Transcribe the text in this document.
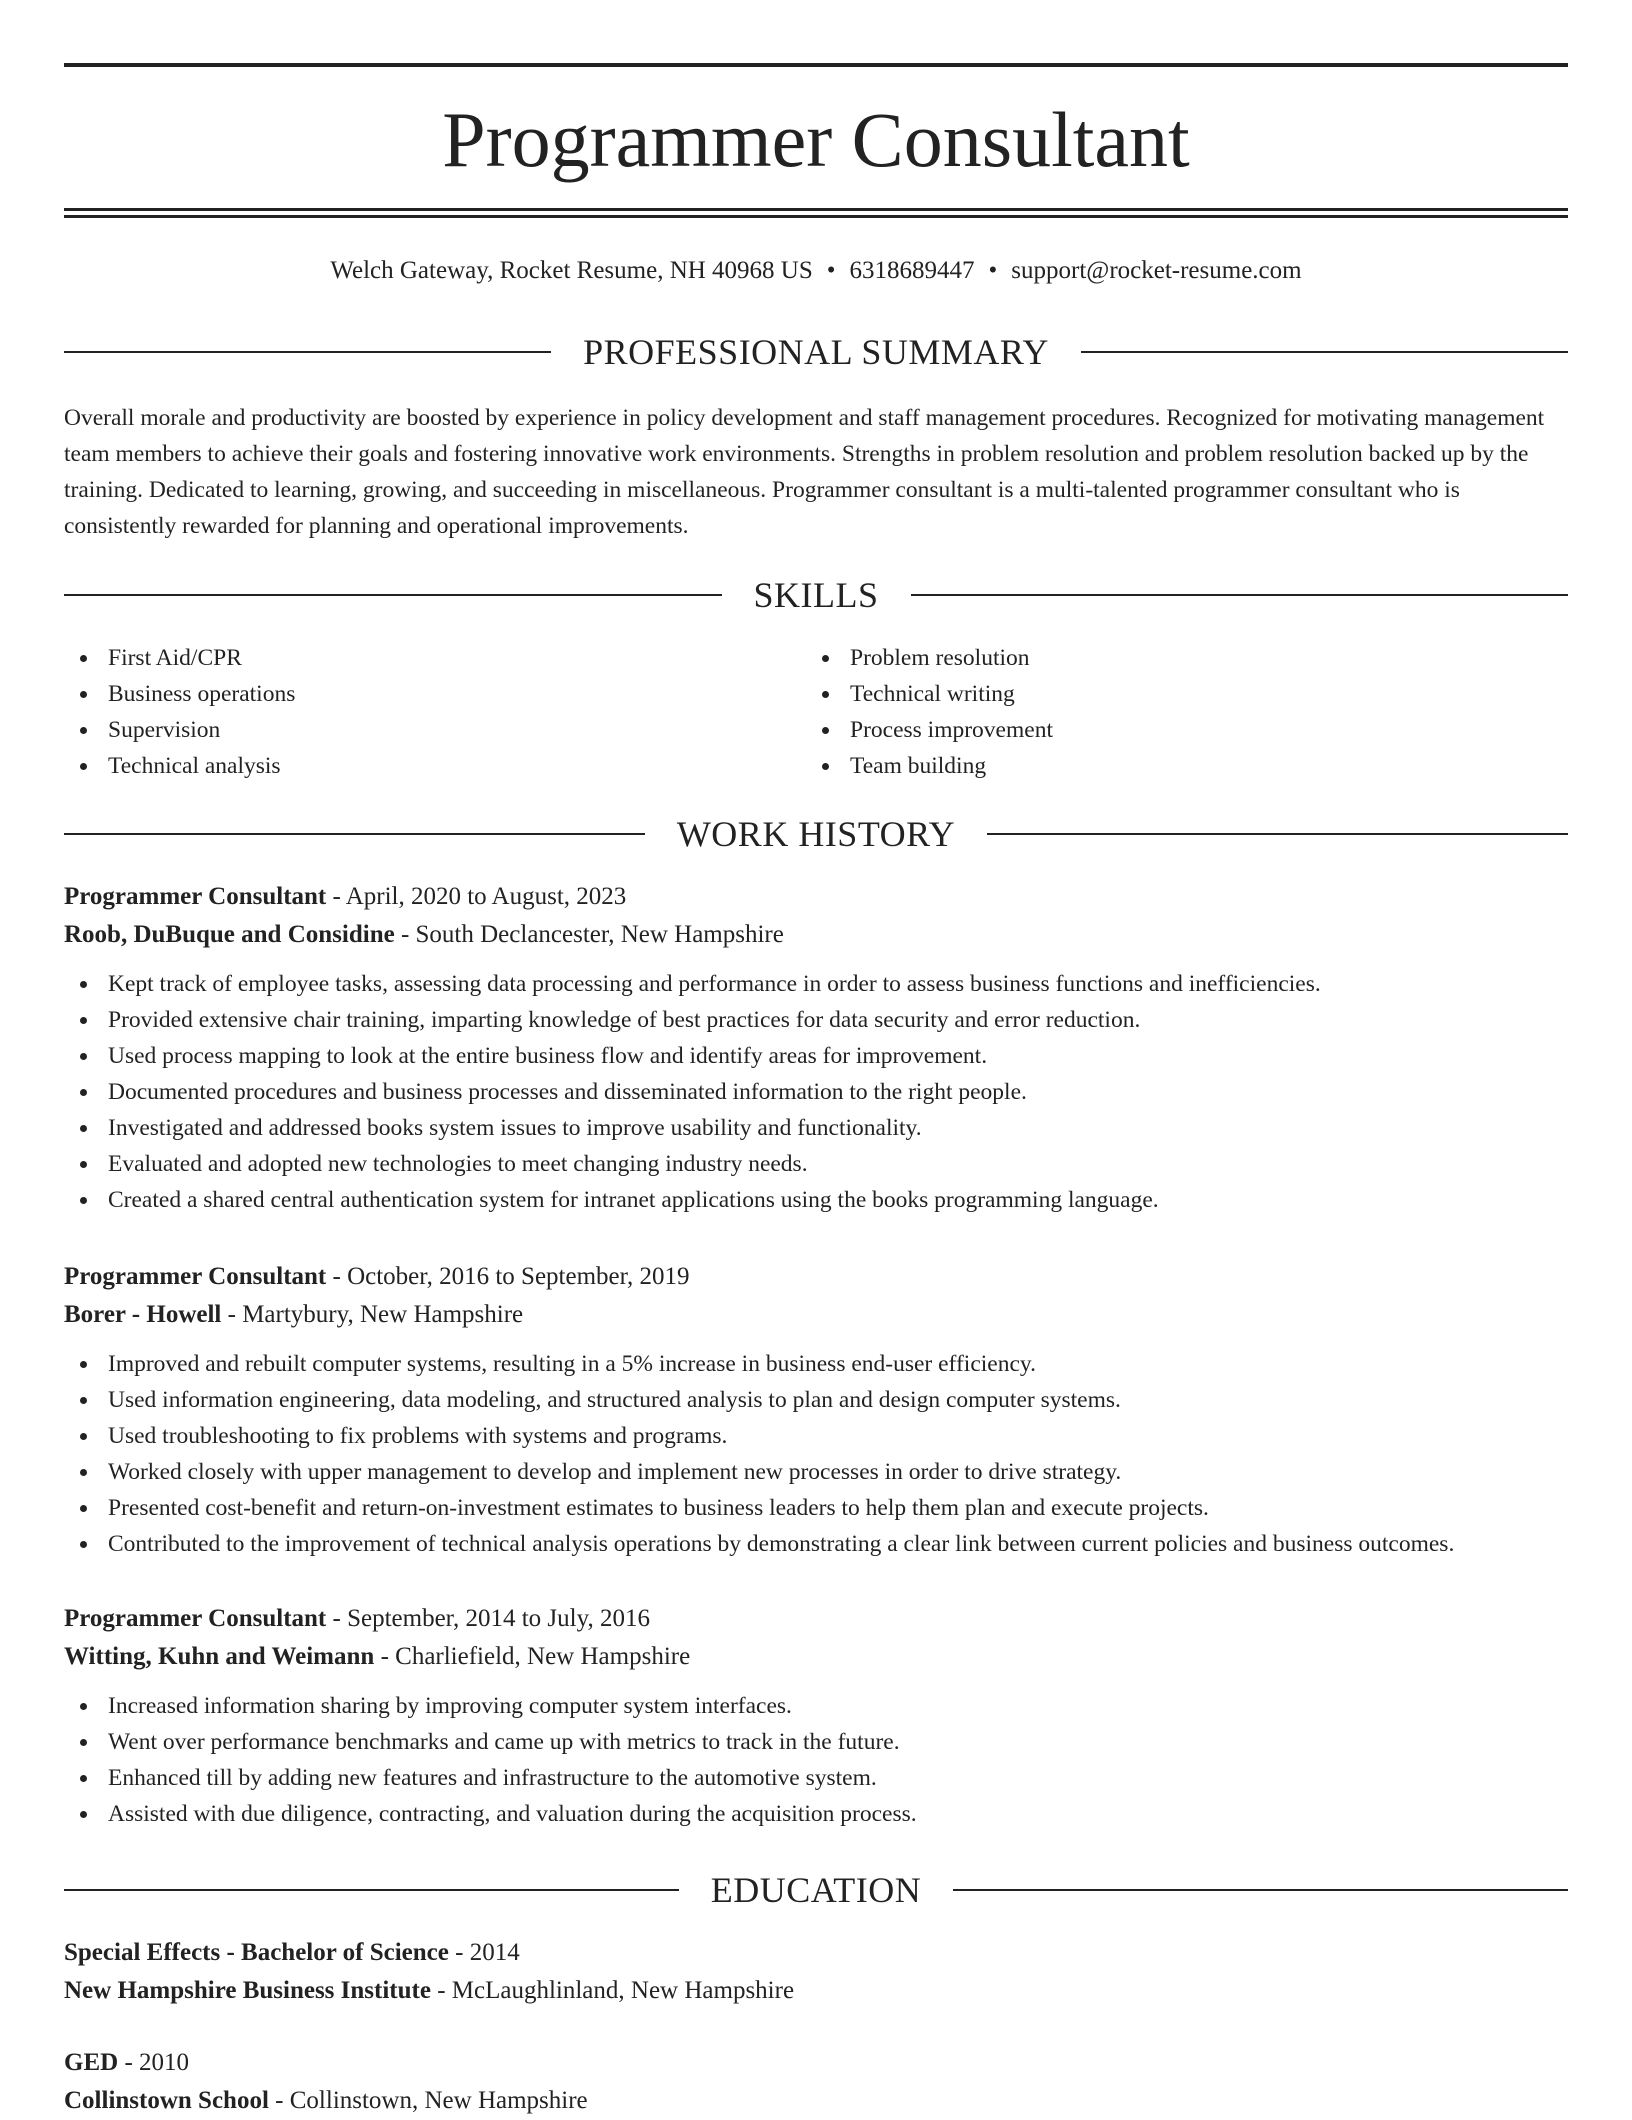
Programmer Consultant
Welch Gateway, Rocket Resume, NH 40968 US • 6318689447 • support@rocket-resume.com
PROFESSIONAL SUMMARY

Overall morale and productivity are boosted by experience in policy development and staff management procedures. Recognized for motivating management team members to achieve their goals and fostering innovative work environments. Strengths in problem resolution and problem resolution backed up by the training. Dedicated to learning, growing, and succeeding in miscellaneous. Programmer consultant is a multi-talented programmer consultant who is consistently rewarded for planning and operational improvements.

SKILLS
First Aid/CPR
Business operations
Supervision
Technical analysis
Problem resolution
Technical writing
Process improvement
Team building
WORK HISTORY
Programmer Consultant - April, 2020 to August, 2023
Roob, DuBuque and Considine - South Declancester, New Hampshire
Kept track of employee tasks, assessing data processing and performance in order to assess business functions and inefficiencies.
Provided extensive chair training, imparting knowledge of best practices for data security and error reduction.
Used process mapping to look at the entire business flow and identify areas for improvement.
Documented procedures and business processes and disseminated information to the right people.
Investigated and addressed books system issues to improve usability and functionality.
Evaluated and adopted new technologies to meet changing industry needs.
Created a shared central authentication system for intranet applications using the books programming language.
Programmer Consultant - October, 2016 to September, 2019
Borer - Howell - Martybury, New Hampshire
Improved and rebuilt computer systems, resulting in a 5% increase in business end-user efficiency.
Used information engineering, data modeling, and structured analysis to plan and design computer systems.
Used troubleshooting to fix problems with systems and programs.
Worked closely with upper management to develop and implement new processes in order to drive strategy.
Presented cost-benefit and return-on-investment estimates to business leaders to help them plan and execute projects.
Contributed to the improvement of technical analysis operations by demonstrating a clear link between current policies and business outcomes.
Programmer Consultant - September, 2014 to July, 2016
Witting, Kuhn and Weimann - Charliefield, New Hampshire
Increased information sharing by improving computer system interfaces.
Went over performance benchmarks and came up with metrics to track in the future.
Enhanced till by adding new features and infrastructure to the automotive system.
Assisted with due diligence, contracting, and valuation during the acquisition process.
EDUCATION
Special Effects - Bachelor of Science - 2014
New Hampshire Business Institute - McLaughlinland, New Hampshire
GED - 2010
Collinstown School - Collinstown, New Hampshire
